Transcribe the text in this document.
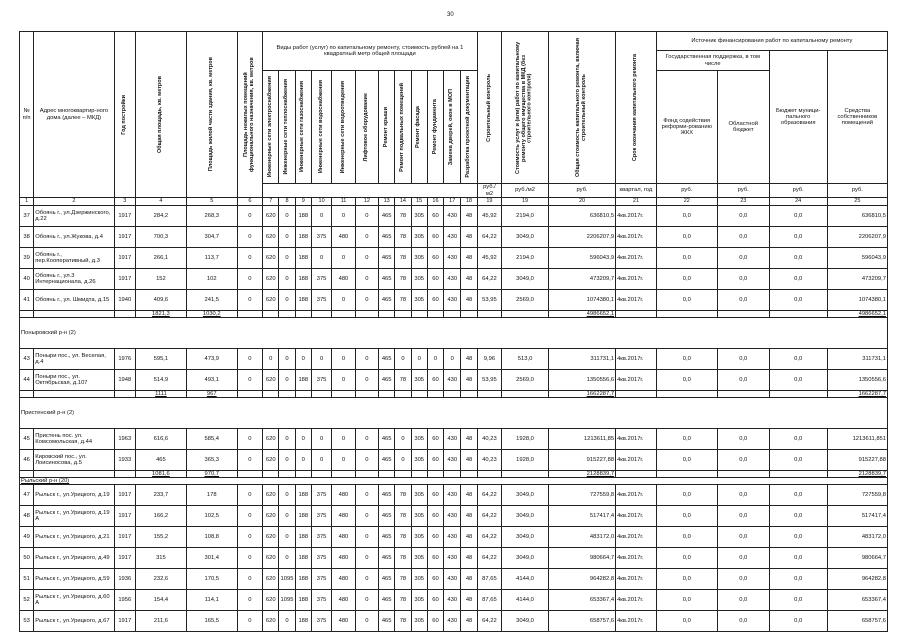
30
№ п/п	Адрес многоквартир-ного дома (далее – МКД)	Год постройки	Общая площадь, кв. метров	Площадь жилой части здания, кв. метров	Площадь нежилых помещений функционального назначения, кв. метров	Виды работ (услуг) по капитальному ремонту, стоимость рублей на 1 квадратный метр общей площади												Строительный контроль	Стоимость услуг и (или) работ по капитальному ремонту общего имущества в МКД (без строительного контроля)	Общая стоимость капитального ремонта, включая строительный контроль	Срок окончания капитального ремонта	Источник финансирования работ по капитальному ремонту			
																						Государственная поддержка, в том числе		Бюджет муници-пального образования	Средства собственников помещений

						Инженерные сети электроснабжения	Инженерные сети теплоснабжения	Инженерные сети газоснабжения	Инженерные сети водоснабжения	Инженерные сети водоотведения	Лифтовое оборудование	Ремонт крыши	Ремонт подвальных помещений	Ремонт фасада	Ремонт фундамента	Замена дверей, окон в МОП	Разработка проектной документации					Фонд содействия реформи-рованию ЖКХ	Областной бюджет		
																		руб./ м2	руб./м2	руб.	квартал, год	руб.	руб.	руб.	руб.
1	2	3	4	5	6	7	8	9	10	11	12	13	14	15	16	17	18	19	19	20	21	22	23	24	25
37	Обоянь г., ул.Дзержинского, д.22	1917	284,2	268,3	0	620	0	188	0	0	0	465	78	305	60	430	48	45,92	2194,0	636810,5	4кв.2017г.	0,0	0,0	0,0	636810,5
38	Обоянь г., ул.Жукова, д.4	1917	700,3	304,7	0	620	0	188	375	480	0	465	78	305	60	430	48	64,22	3049,0	2206207,9	4кв.2017г.	0,0	0,0	0,0	2206207,9
39	Обоянь г., пер.Кооперативный, д.3	1917	266,1	113,7	0	620	0	188	0	0	0	465	78	305	60	430	48	45,92	2194,0	596043,9	4кв.2017г.	0,0	0,0	0,0	596043,9
40	Обоянь г., ул.3 Интернационала, д.26	1917	152	102	0	620	0	188	375	480	0	465	78	305	60	430	48	64,22	3049,0	473209,7	4кв.2017г.	0,0	0,0	0,0	473209,7
41	Обоянь г., ул. Шмидта, д.15	1940	409,6	241,5	0	620	0	188	375	0	0	465	78	305	60	430	48	53,95	2569,0	1074380,1	4кв.2017г.	0,0	0,0	0,0	1074380,1
			1821,3	1030,2																4986652,1					4986652,1
Поныровский р-н (2)																									
43	Поныри пос., ул. Веселая, д.4	1976	595,1	473,9	0	0	0	0	0	0	0	465	0	0	0	0	48	9,96	513,0	311731,1	4кв.2017г.	0,0	0,0	0,0	311731,1
44	Поныри пос., ул. Октябрьская, д.107	1948	514,9	493,1	0	620	0	188	375	0	0	465	78	305	60	430	48	53,95	2569,0	1350556,6	4кв.2017г.	0,0	0,0	0,0	1350556,6
			1111	967																1662287,7					1662287,7
Пристенский р-н (2)																									
45	Пристень пос. ул. Комсомольская, д.44	1963	616,6	585,4	0	620	0	0	0	0	0	465	0	305	60	430	48	40,23	1928,0	1213611,85	4кв.2017г.	0,0	0,0	0,0	1213611,851
46	Кировский пос., ул. Лоисиносова, д.5	1933	465	365,3	0	620	0	0	0	0	0	465	0	305	60	430	48	40,23	1928,0	915227,88	4кв.2017г.	0,0	0,0	0,0	915227,88
			1081,6	970,7																2128839,7					2128839,7
Рыльский р-н (20)																									
47	Рыльск г., ул.Урицкого, д.19	1917	233,7	178	0	620	0	188	375	480	0	465	78	305	60	430	48	64,22	3049,0	727559,8	4кв.2017г.	0,0	0,0	0,0	727559,8
48	Рыльск г., ул.Урицкого, д.19 А	1917	166,2	102,5	0	620	0	188	375	480	0	465	78	305	60	430	48	64,22	3049,0	517417,4	4кв.2017г.	0,0	0,0	0,0	517417,4
49	Рыльск г., ул.Урицкого, д.21	1917	155,2	108,8	0	620	0	188	375	480	0	465	78	305	60	430	48	64,22	3049,0	483172,0	4кв.2017г.	0,0	0,0	0,0	483172,0
50	Рыльск г., ул.Урицкого, д.49	1917	315	301,4	0	620	0	188	375	480	0	465	78	305	60	430	48	64,22	3049,0	980664,7	4кв.2017г.	0,0	0,0	0,0	980664,7
51	Рыльск г., ул.Урицкого, д.59	1936	232,6	170,5	0	620	1095	188	375	480	0	465	78	305	60	430	48	87,65	4144,0	964282,8	4кв.2017г.	0,0	0,0	0,0	964282,8
52	Рыльск г., ул.Урицкого, д.60 А	1956	154,4	114,1	0	620	1095	188	375	480	0	465	78	305	60	430	48	87,65	4144,0	653367,4	4кв.2017г.	0,0	0,0	0,0	653367,4
53	Рыльск г., ул.Урицкого, д.67	1917	211,6	165,5	0	620	0	188	375	480	0	465	78	305	60	430	48	64,22	3049,0	658757,6	4кв.2017г.	0,0	0,0	0,0	658757,6
